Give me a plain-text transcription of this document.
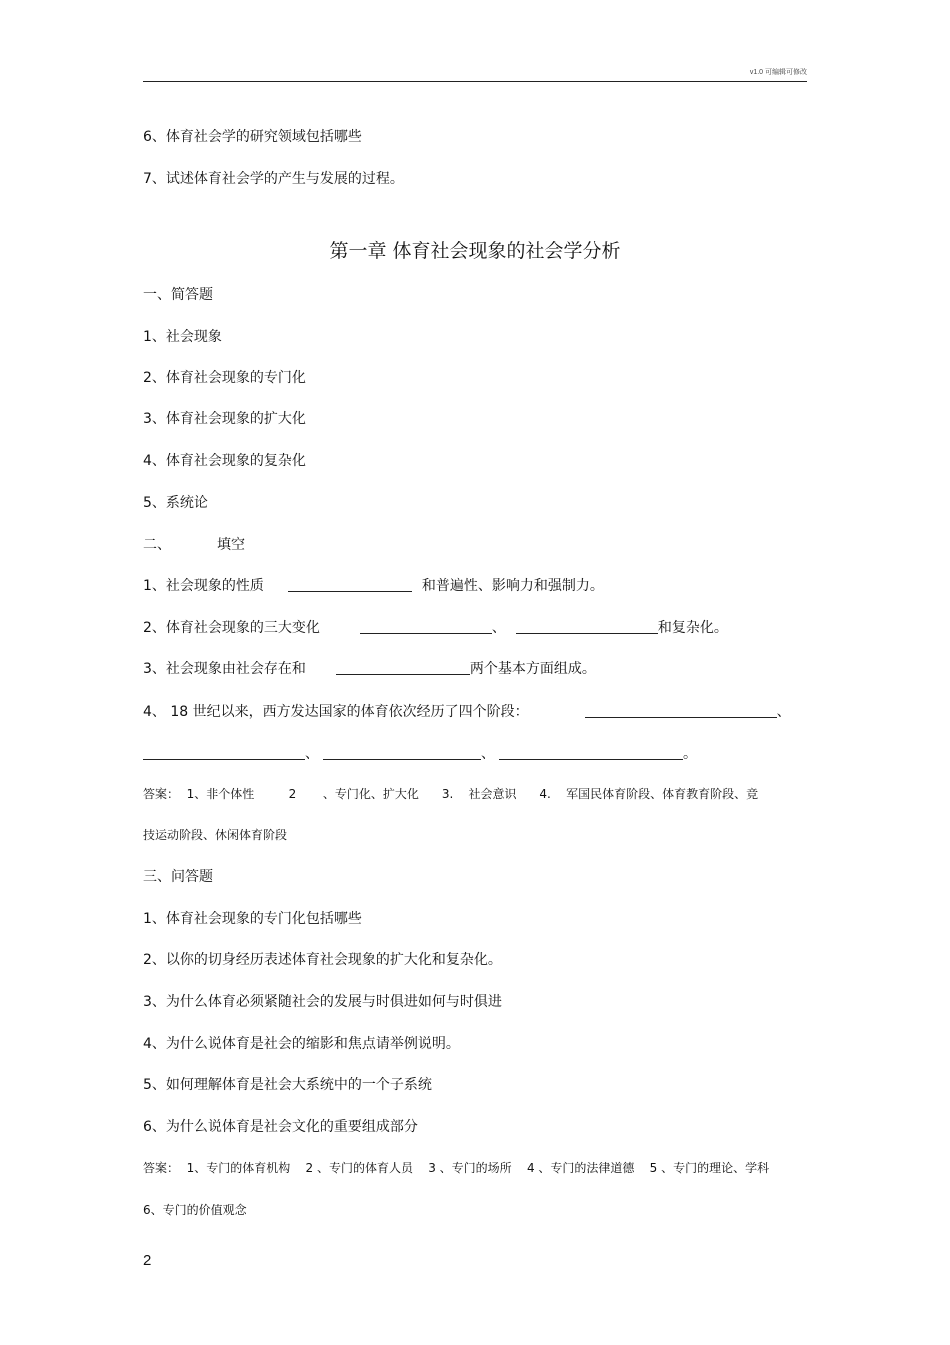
v1.0 可编辑可修改
6、体育社会学的研究领域包括哪些
7、试述体育社会学的产生与发展的过程。
第一章 体育社会现象的社会学分析
一、简答题
1、社会现象
2、体育社会现象的专门化
3、体育社会现象的扩大化
4、体育社会现象的复杂化
5、系统论
二、	填空
1、社会现象的性质	和普遍性、影响力和强制力。
2、体育社会现象的三大变化	、	和复杂化。
3、社会现象由社会存在和	两个基本方面组成。
4、 18 世纪以来，西方发达国家的体育依次经历了四个阶段：	、
、	、	。
答案：  1、非个体性         2       、专门化、扩大化      3.    社会意识      4.    军国民体育阶段、体育教育阶段、竞
技运动阶段、休闲体育阶段
三、问答题
1、体育社会现象的专门化包括哪些
2、以你的切身经历表述体育社会现象的扩大化和复杂化。
3、为什么体育必须紧随社会的发展与时俱进如何与时俱进
4、为什么说体育是社会的缩影和焦点请举例说明。
5、如何理解体育是社会大系统中的一个子系统
6、为什么说体育是社会文化的重要组成部分
答案：  1、专门的体育机构    2 、专门的体育人员    3 、专门的场所    4 、专门的法律道德    5 、专门的理论、学科
6、专门的价值观念
2
